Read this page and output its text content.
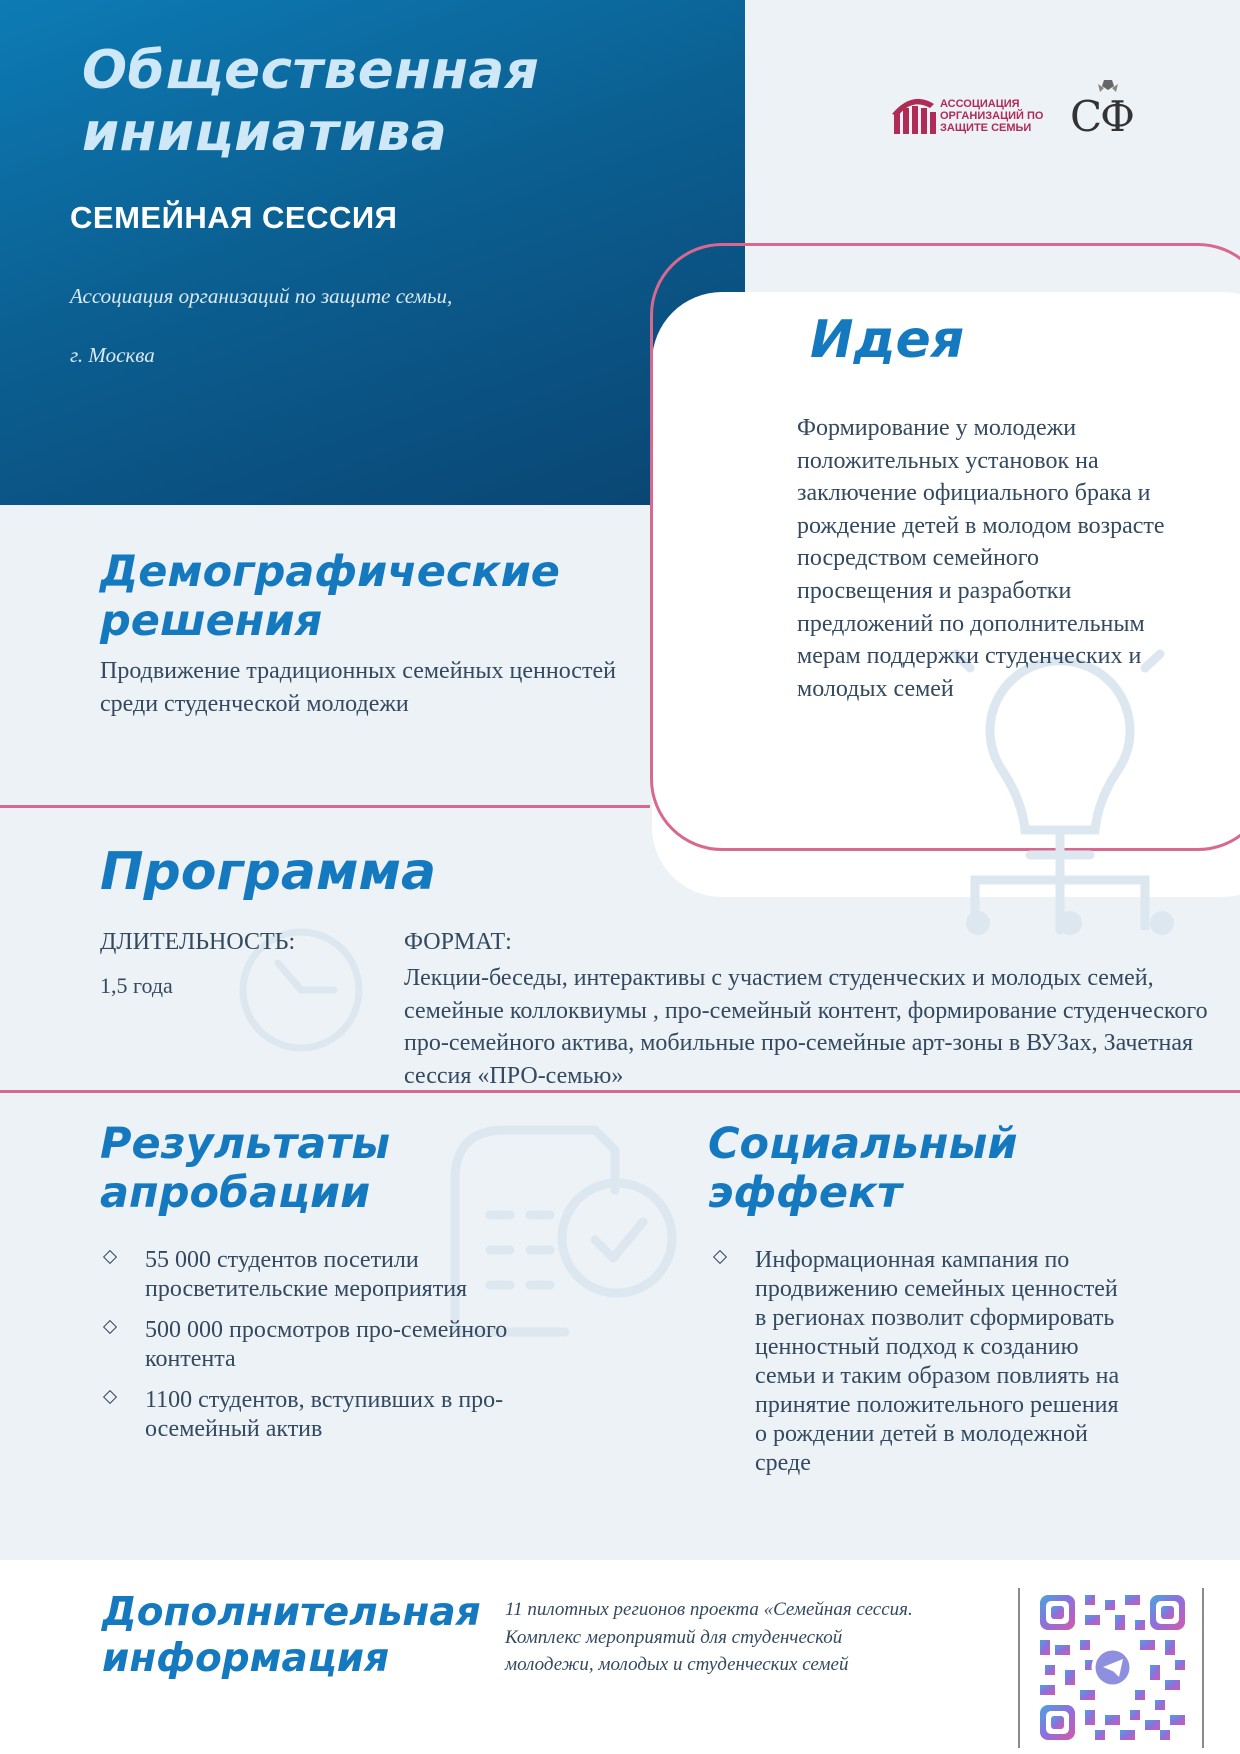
Общественная инициатива
СЕМЕЙНАЯ СЕССИЯ
Ассоциация организаций по защите семьи,
г. Москва
АССОЦИАЦИЯ ОРГАНИЗАЦИЙ ПО ЗАЩИТЕ СЕМЬИ СФ
Идея
Формирование у молодежи положительных установок на заключение официального брака и рождение детей в молодом возрасте посредством семейного просвещения и разработки предложений по дополнительным мерам поддержки студенческих и молодых семей
Демографические решения
Продвижение традиционных семейных ценностей среди студенческой молодежи
Программа
ДЛИТЕЛЬНОСТЬ:
1,5 года
ФОРМАТ:
Лекции-беседы, интерактивы с участием студенческих и молодых семей, семейные коллоквиумы , про-семейный контент, формирование студенческого про-семейного актива, мобильные про-семейные арт-зоны в ВУЗах, Зачетная сессия «ПРО-семью»
Результаты апробации
55 000 студентов посетили просветительские мероприятия
500 000 просмотров про-семейного контента
1100 студентов, вступивших в про-осемейный актив
Социальный эффект
Информационная кампания по продвижению семейных ценностей в регионах позволит сформировать ценностный подход к созданию семьи и таким образом повлиять на принятие положительного решения о рождении детей в молодежной среде
Дополнительная информация
11 пилотных регионов проекта «Семейная сессия. Комплекс мероприятий для студенческой молодежи, молодых и студенческих семей
